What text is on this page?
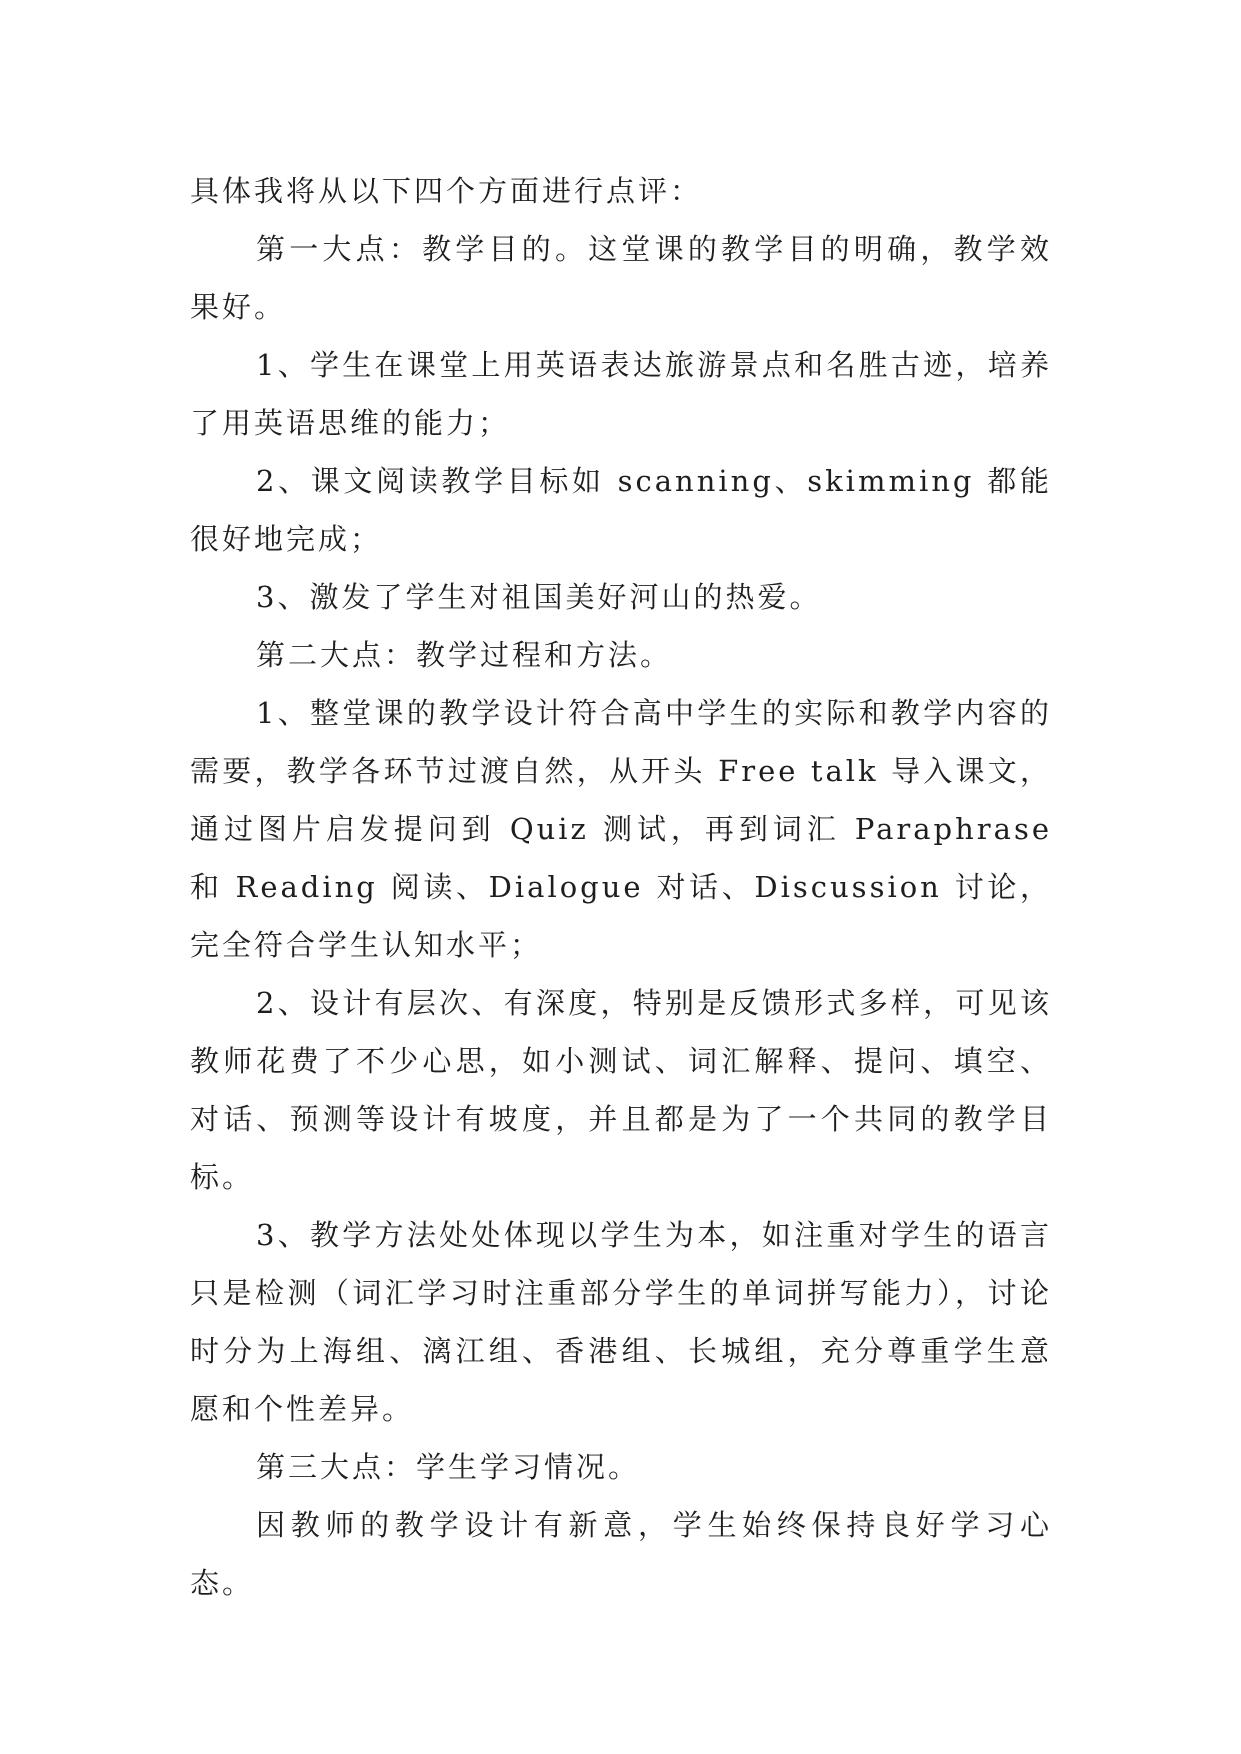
具体我将从以下四个方面进行点评：

第一大点：教学目的。这堂课的教学目的明确，教学效果好。

1、学生在课堂上用英语表达旅游景点和名胜古迹，培养了用英语思维的能力；

2、课文阅读教学目标如 scanning、skimming 都能很好地完成；

3、激发了学生对祖国美好河山的热爱。

第二大点：教学过程和方法。

1、整堂课的教学设计符合高中学生的实际和教学内容的需要，教学各环节过渡自然，从开头 Free talk 导入课文，通过图片启发提问到 Quiz 测试，再到词汇 Paraphrase 和 Reading 阅读、Dialogue 对话、Discussion 讨论，完全符合学生认知水平；

2、设计有层次、有深度，特别是反馈形式多样，可见该教师花费了不少心思，如小测试、词汇解释、提问、填空、对话、预测等设计有坡度，并且都是为了一个共同的教学目标。

3、教学方法处处体现以学生为本，如注重对学生的语言只是检测（词汇学习时注重部分学生的单词拼写能力），讨论时分为上海组、漓江组、香港组、长城组，充分尊重学生意愿和个性差异。

第三大点：学生学习情况。

因教师的教学设计有新意，学生始终保持良好学习心态。
